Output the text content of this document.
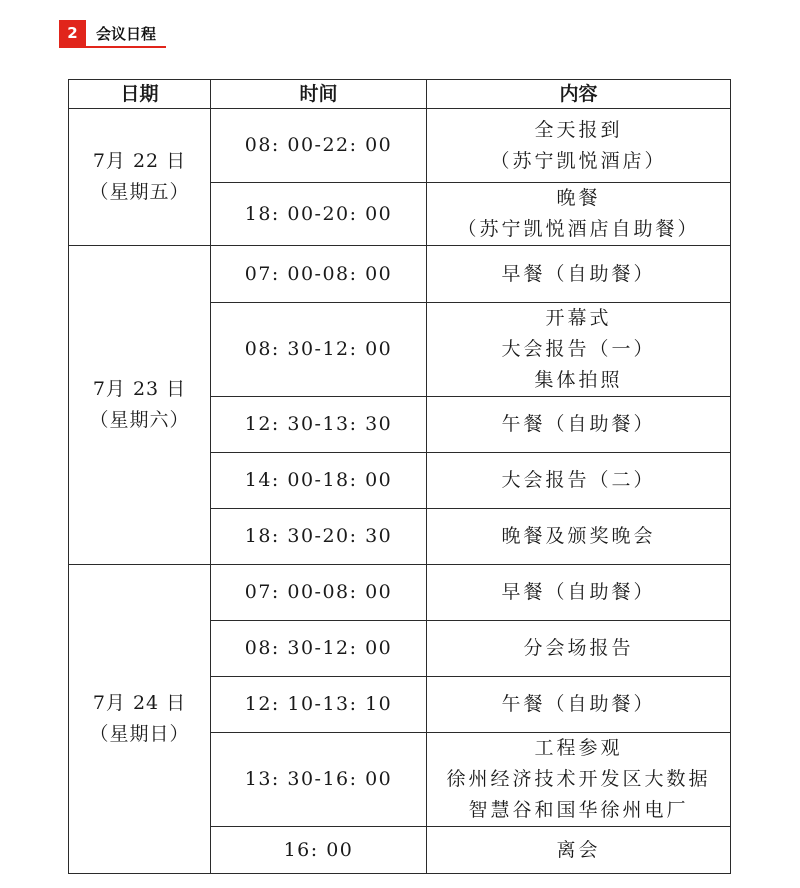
2	会议日程
日期	时间	内容

7月 22 日
（星期五）	08: 00-22: 00	全天报到
（苏宁凯悦酒店）

	18: 00-20: 00	晚餐
（苏宁凯悦酒店自助餐）

7月 23 日
（星期六）	07: 00-08: 00	早餐（自助餐）

	08: 30-12: 00	开幕式
大会报告（一）
集体拍照

	12: 30-13: 30	午餐（自助餐）

	14: 00-18: 00	大会报告（二）

	18: 30-20: 30	晚餐及颁奖晚会

7月 24 日
（星期日）	07: 00-08: 00	早餐（自助餐）

	08: 30-12: 00	分会场报告

	12: 10-13: 10	午餐（自助餐）

	13: 30-16: 00	工程参观
徐州经济技术开发区大数据
智慧谷和国华徐州电厂

	16: 00	离会
